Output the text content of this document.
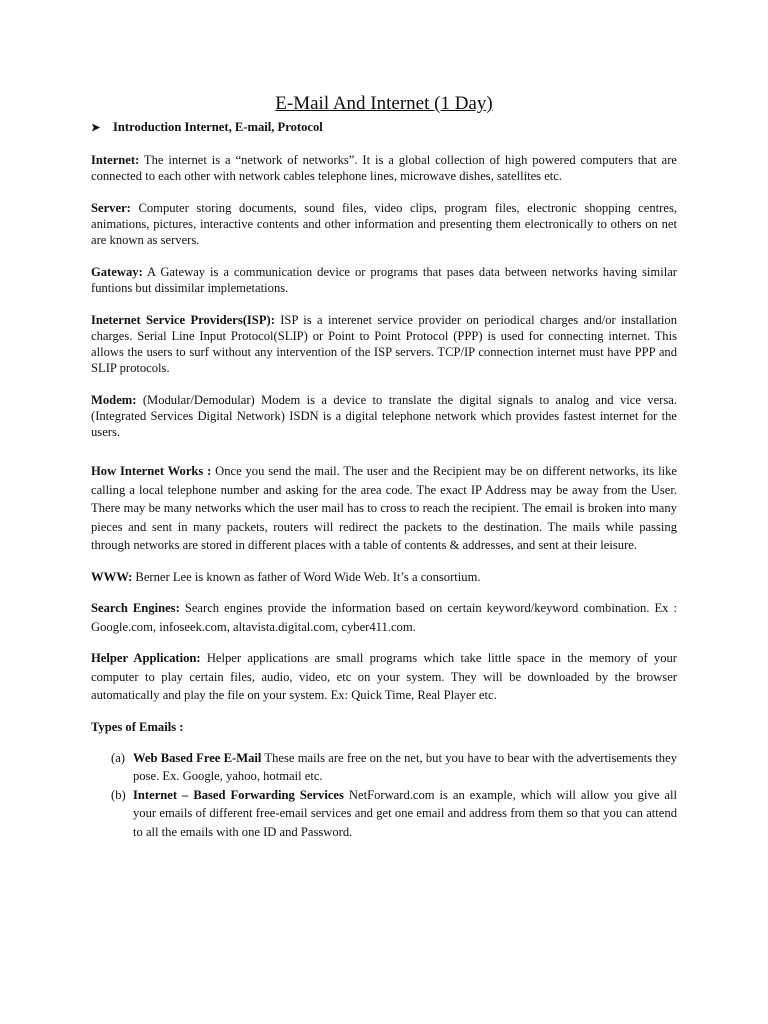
E-Mail And Internet (1 Day)
➤	Introduction Internet, E-mail, Protocol

Internet: The internet is a “network of networks”. It is a global collection of high powered computers that are connected to each other with network cables telephone lines, microwave dishes, satellites etc.

Server: Computer storing documents, sound files, video clips, program files, electronic shopping centres, animations, pictures, interactive contents and other information and presenting them electronically to others on net are known as servers.

Gateway: A Gateway is a communication device or programs that pases data between networks having similar funtions but dissimilar implemetations.

Ineternet Service Providers(ISP): ISP is a interenet service provider on periodical charges and/or installation charges. Serial Line Input Protocol(SLIP) or Point to Point Protocol (PPP) is used for connecting internet. This allows the users to surf without any intervention of the ISP servers. TCP/IP connection internet must have PPP and SLIP protocols.

Modem: (Modular/Demodular) Modem is a device to translate the digital signals to analog and vice versa. (Integrated Services Digital Network) ISDN is a digital telephone network which provides fastest internet for the users.

How Internet Works : Once you send the mail. The user and the Recipient may be on different networks, its like calling a local telephone number and asking for the area code. The exact IP Address may be away from the User. There may be many networks which the user mail has to cross to reach the recipient. The email is broken into many pieces and sent in many packets, routers will redirect the packets to the destination. The mails while passing through networks are stored in different places with a table of contents & addresses, and sent at their leisure.

WWW: Berner Lee is known as father of Word Wide Web. It’s a consortium.

Search Engines: Search engines provide the information based on certain keyword/keyword combination. Ex : Google.com, infoseek.com, altavista.digital.com, cyber411.com.

Helper Application: Helper applications are small programs which take little space in the memory of your computer to play certain files, audio, video, etc on your system. They will be downloaded by the browser automatically and play the file on your system. Ex: Quick Time, Real Player etc.

Types of Emails :
(a) Web Based Free E-Mail These mails are free on the net, but you have to bear with the advertisements they pose. Ex. Google, yahoo, hotmail etc.
(b) Internet – Based Forwarding Services NetForward.com is an example, which will allow you give all your emails of different free-email services and get one email and address from them so that you can attend to all the emails with one ID and Password.
